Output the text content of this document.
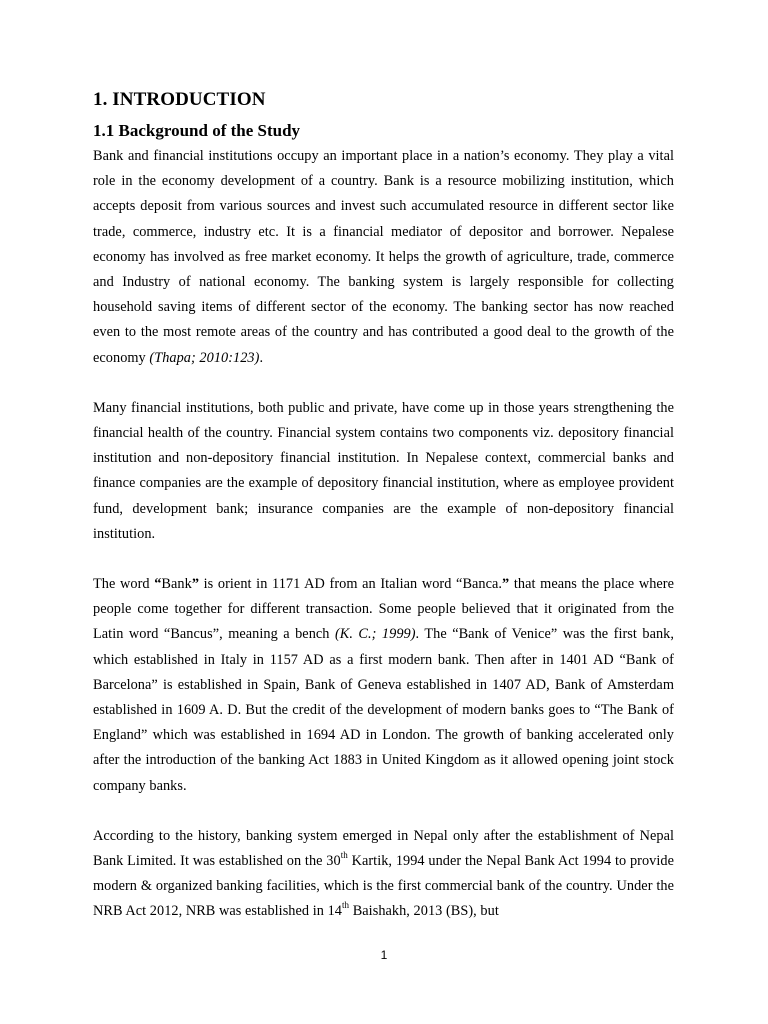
1. INTRODUCTION
1.1 Background of the Study

Bank and financial institutions occupy an important place in a nation’s economy. They play a vital role in the economy development of a country. Bank is a resource mobilizing institution, which accepts deposit from various sources and invest such accumulated resource in different sector like trade, commerce, industry etc. It is a financial mediator of depositor and borrower. Nepalese economy has involved as free market economy. It helps the growth of agriculture, trade, commerce and Industry of national economy. The banking system is largely responsible for collecting household saving items of different sector of the economy. The banking sector has now reached even to the most remote areas of the country and has contributed a good deal to the growth of the economy (Thapa; 2010:123).

Many financial institutions, both public and private, have come up in those years strengthening the financial health of the country. Financial system contains two components viz. depository financial institution and non-depository financial institution. In Nepalese context, commercial banks and finance companies are the example of depository financial institution, where as employee provident fund, development bank; insurance companies are the example of non-depository financial institution.

The word “Bank” is orient in 1171 AD from an Italian word “Banca.” that means the place where people come together for different transaction. Some people believed that it originated from the Latin word “Bancus”, meaning a bench (K. C.; 1999). The “Bank of Venice” was the first bank, which established in Italy in 1157 AD as a first modern bank. Then after in 1401 AD “Bank of Barcelona” is established in Spain, Bank of Geneva established in 1407 AD, Bank of Amsterdam established in 1609 A. D. But the credit of the development of modern banks goes to “The Bank of England” which was established in 1694 AD in London. The growth of banking accelerated only after the introduction of the banking Act 1883 in United Kingdom as it allowed opening joint stock company banks.

According to the history, banking system emerged in Nepal only after the establishment of Nepal Bank Limited. It was established on the 30th Kartik, 1994 under the Nepal Bank Act 1994 to provide modern & organized banking facilities, which is the first commercial bank of the country. Under the NRB Act 2012, NRB was established in 14th Baishakh, 2013 (BS), but

1
